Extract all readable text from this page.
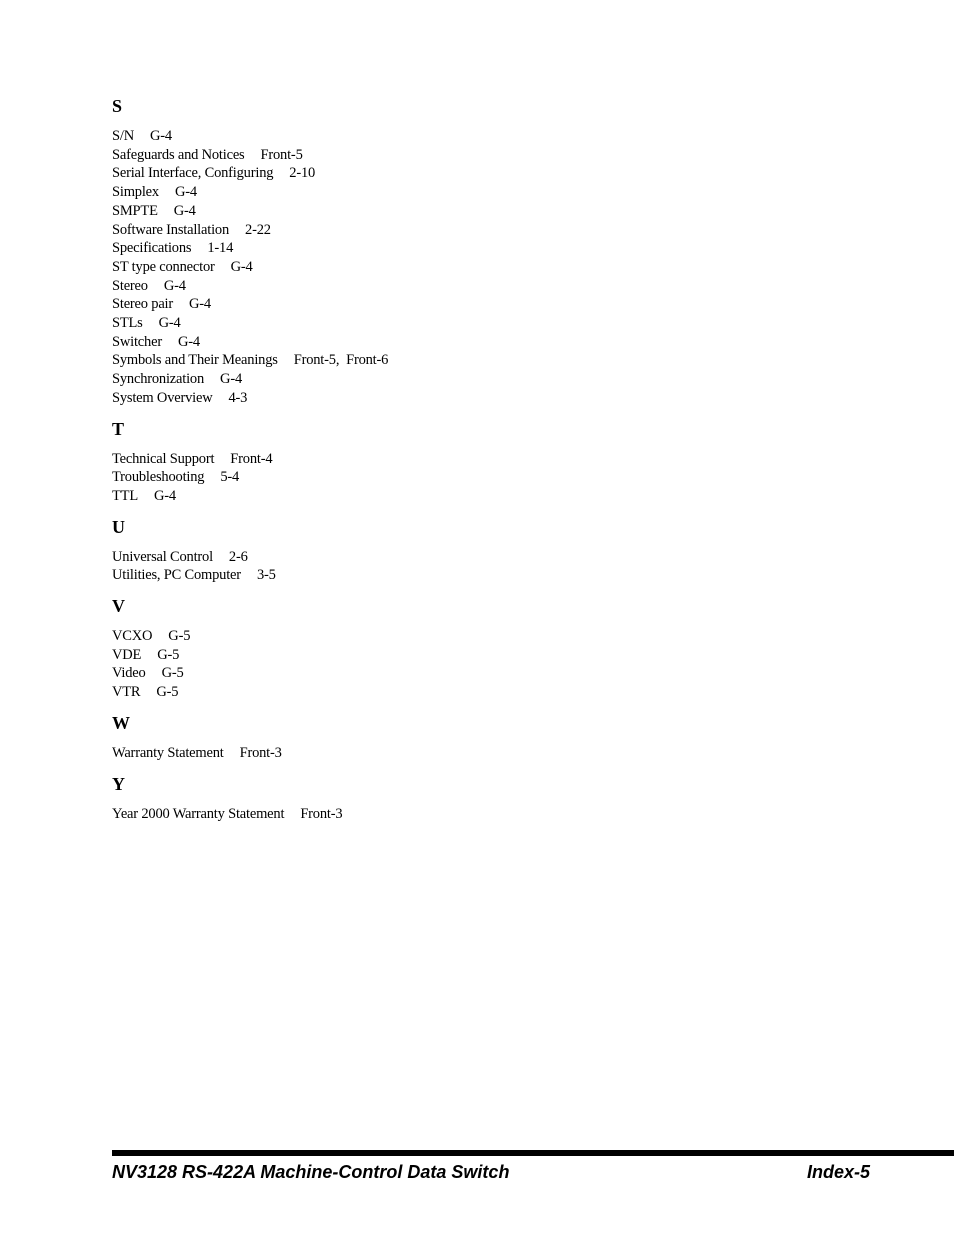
S
S/N G-4
Safeguards and Notices Front-5
Serial Interface, Configuring 2-10
Simplex G-4
SMPTE G-4
Software Installation 2-22
Specifications 1-14
ST type connector G-4
Stereo G-4
Stereo pair G-4
STLs G-4
Switcher G-4
Symbols and Their Meanings Front-5, Front-6
Synchronization G-4
System Overview 4-3
T
Technical Support Front-4
Troubleshooting 5-4
TTL G-4
U
Universal Control 2-6
Utilities, PC Computer 3-5
V
VCXO G-5
VDE G-5
Video G-5
VTR G-5
W
Warranty Statement Front-3
Y
Year 2000 Warranty Statement Front-3
NV3128 RS-422A Machine-Control Data Switch	Index-5
